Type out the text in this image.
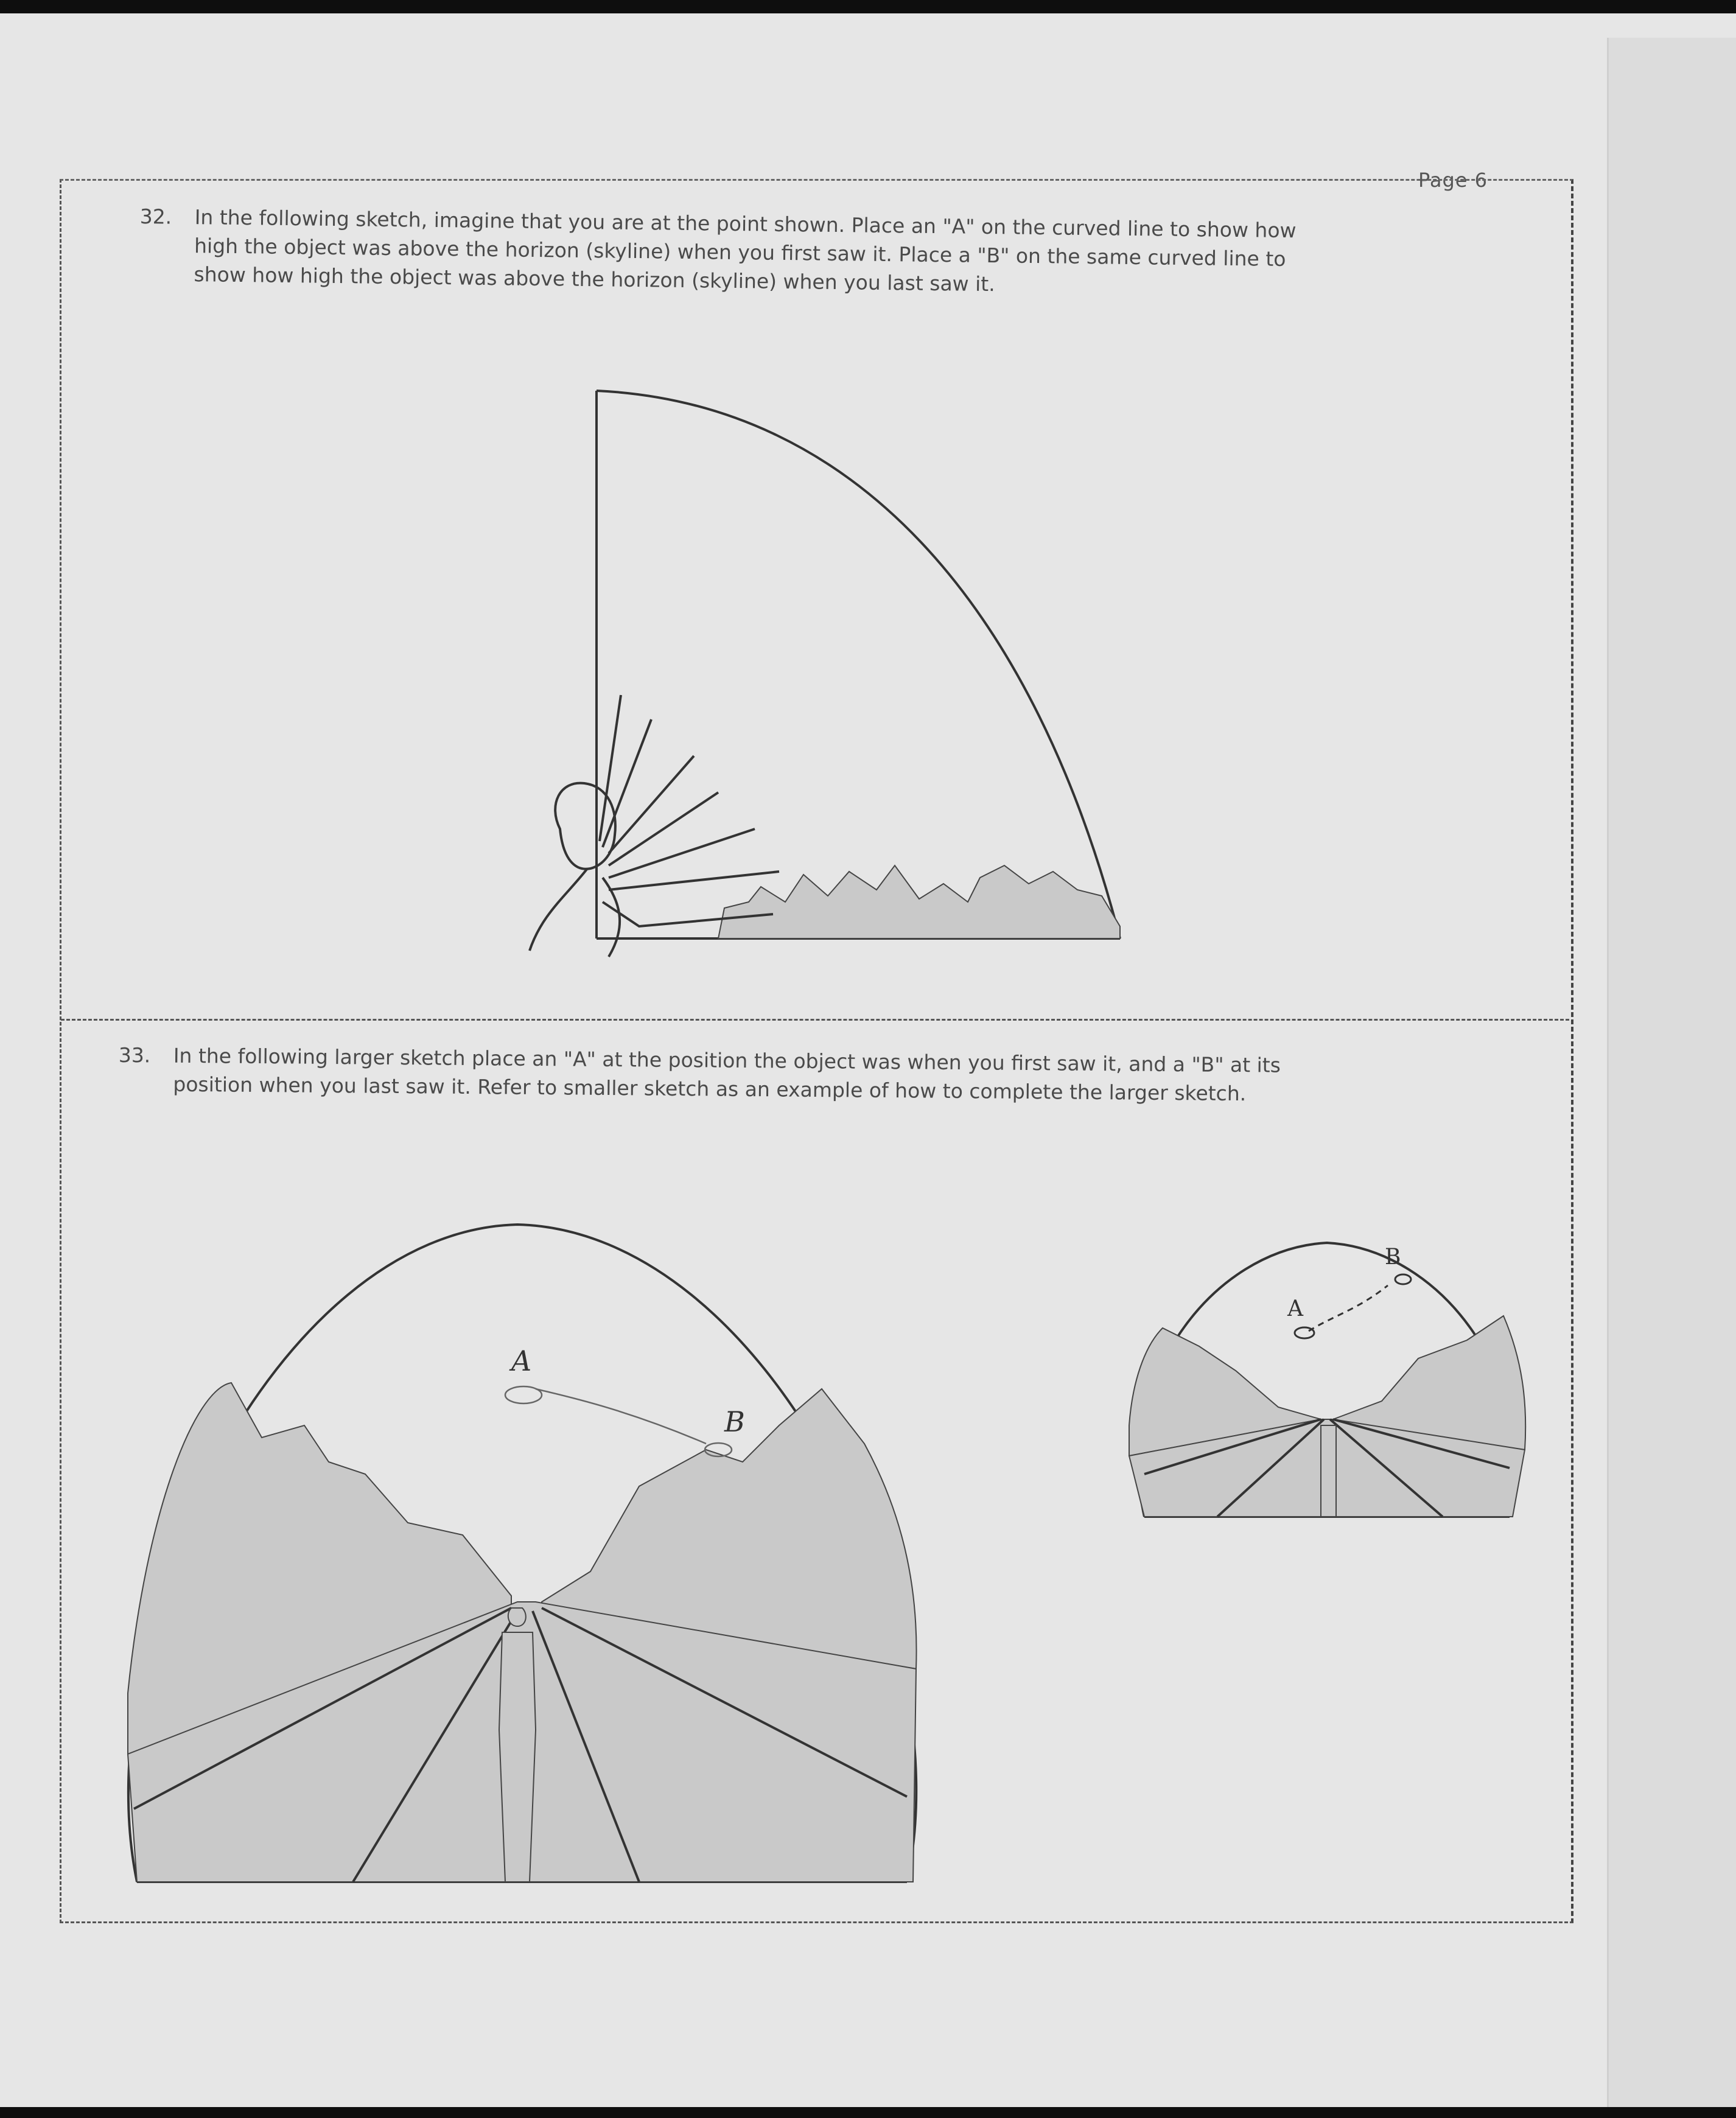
Page 6

32. In the following sketch, imagine that you are at the point shown. Place an "A" on the curved line to show how

high the object was above the horizon (skyline) when you first saw it. Place a "B" on the same curved line to

show how high the object was above the horizon (skyline) when you last saw it.

33. In the following larger sketch place an "A" at the position the object was when you first saw it, and a "B" at its

position when you last saw it. Refer to smaller sketch as an example of how to complete the larger sketch.

A
B
A
B
